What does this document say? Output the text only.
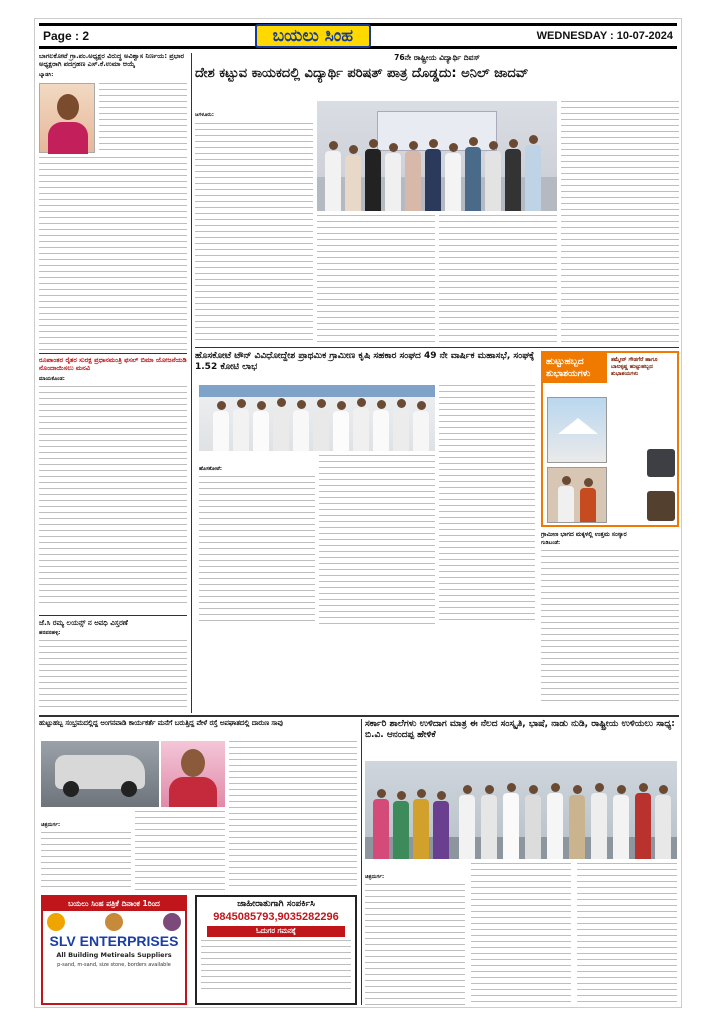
Page : 2	ಬಯಲು ಸಿಂಹ	WEDNESDAY : 10-07-2024
ಬಾಗಲಕೋಟೆ ಗ್ರಾ.ಪಂ.ಅಧ್ಯಕ್ಷರ ವಿರುದ್ಧ ಅವಿಶ್ವಾಸ ನಿರ್ಣಯ: ಪ್ರಭಾರ ಅಧ್ಯಕ್ಷರಾಗಿ ಪದಗ್ರಹಣ ಎಸ್.ಕೆ.ಉಮಾ ಆಯ್ಕೆ
ಬ್ಯಾಡಗಿ:
ರೂಪಾಂತರ ರೈತರ ಸುರಕ್ಷ ಪ್ರಧಾನಮಂತ್ರಿ ಫಸಲ್ ಬಿಮಾ ಯೋಜನೆಯಡಿ ನೊಂದಾಯಿಸಲು ಮನವಿ
ಮಾಯಕೊಂಡ:
ಜೆ.ಸಿ ರಮ್ಯ ಲಯನ್ಸ್ ನ ಅವಧಿ ವಿಸ್ತರಣೆ
ಹರಪನಹಳ್ಳಿ:
76ನೇ ರಾಷ್ಟ್ರೀಯ ವಿದ್ಯಾರ್ಥಿ ದಿವಸ್
ದೇಶ ಕಟ್ಟುವ ಕಾಯಕದಲ್ಲಿ ವಿದ್ಯಾರ್ಥಿ ಪರಿಷತ್ ಪಾತ್ರ ದೊಡ್ಡದು: ಅನಿಲ್ ಜಾದವ್
ಜಗಳೂರು:
ಹೊಸಕೋಟೆ ಟೌನ್ ವಿವಿಧೋದ್ದೇಶ ಪ್ರಾಥಮಿಕ ಗ್ರಾಮೀಣ ಕೃಷಿ ಸಹಕಾರ ಸಂಘದ 49 ನೇ ವಾರ್ಷಿಕ ಮಹಾಸಭೆ, ಸಂಘಕ್ಕೆ 1.52 ಕೋಟಿ ಲಾಭ
ಹೊಸಕೋಟೆ:
ಹುಟ್ಟುಹಬ್ಬದ ಶುಭಾಶಯಗಳು
ತಮ್ಮೇನ್ ಗೌಡಗೆರೆ ಹಾಗೂ ಬಾಲಕೃಷ್ಣ ಹುಟ್ಟುಹಬ್ಬದ ಶುಭಾಶಯಗಳು
ಗ್ರಾಮೀಣ ಭಾಗದ ಮಕ್ಕಳಲ್ಲಿ ಉತ್ತಮ ಸಂಸ್ಕಾರ
ಗುಡಿಬಂಡೆ:
ಹುಟ್ಟುಹಬ್ಬ ಸಂಭ್ರಮದಲ್ಲಿದ್ದ ಅಂಗನವಾಡಿ ಕಾರ್ಯಕರ್ತೆ ಮನೆಗೆ ಬರುತ್ತಿದ್ದ ವೇಳೆ ರಸ್ತೆ ಅಪಘಾತದಲ್ಲಿ ದಾರುಣ ಸಾವು
ಚಿತ್ರದುರ್ಗ:
ಬಯಲು ಸಿಂಹ ಪತ್ರಿಕೆ ದಿನಾಂಕ 1ರಿಂದ
SLV ENTERPRISES
All Building Metireals Suppliers
p-sand, m-sand, size stone, borders available
ಜಾಹೀರಾತುಗಾಗಿ ಸಂಪರ್ಕಿಸಿ
9845085793,9035282296
ಓದುಗರ ಗಮನಕ್ಕೆ
ಸರ್ಕಾರಿ ಶಾಲೆಗಳು ಉಳಿದಾಗ ಮಾತ್ರ ಈ ನೆಲದ ಸಂಸ್ಕೃತಿ, ಭಾಷೆ, ನಾಡು ನುಡಿ, ರಾಷ್ಟ್ರೀಯ ಉಳಿಯಲು ಸಾಧ್ಯ: ಬಿ.ವಿ. ಆನಂದಪ್ಪ ಹೇಳಿಕೆ
ಚಿತ್ರದುರ್ಗ:
